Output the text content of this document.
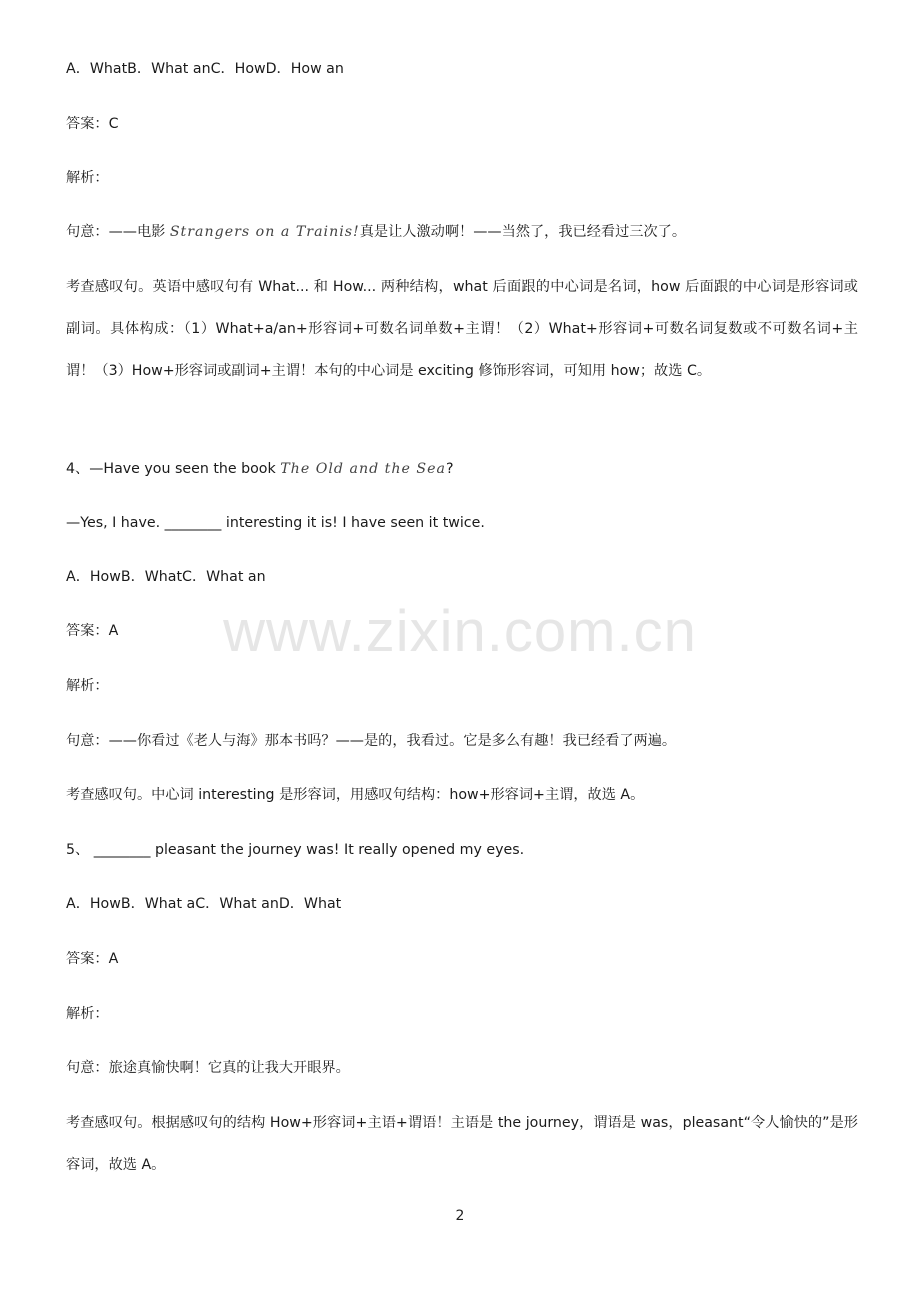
A．WhatB．What anC．HowD．How an
答案：C
解析：
句意：——电影 Strangers on a Trainis!真是让人激动啊！——当然了，我已经看过三次了。
考查感叹句。英语中感叹句有 What... 和 How... 两种结构，what 后面跟的中心词是名词，how 后面跟的中心词是形容词或副词。具体构成：（1）What+a/an+形容词+可数名词单数+主谓！（2）What+形容词+可数名词复数或不可数名词+主谓！（3）How+形容词或副词+主谓！本句的中心词是 exciting 修饰形容词，可知用 how；故选 C。
4、—Have you seen the book The Old and the Sea?
—Yes, I have. ________ interesting it is! I have seen it twice.
A．HowB．WhatC．What an
答案：A
解析：
句意：——你看过《老人与海》那本书吗？——是的，我看过。它是多么有趣！我已经看了两遍。
考查感叹句。中心词 interesting 是形容词，用感叹句结构：how+形容词+主谓，故选 A。
5、 ________ pleasant the journey was! It really opened my eyes.
A．HowB．What aC．What anD．What
答案：A
解析：
句意：旅途真愉快啊！它真的让我大开眼界。
考查感叹句。根据感叹句的结构 How+形容词+主语+谓语！主语是 the journey，谓语是 was，pleasant“令人愉快的”是形容词，故选 A。
www.zixin.com.cn
2
